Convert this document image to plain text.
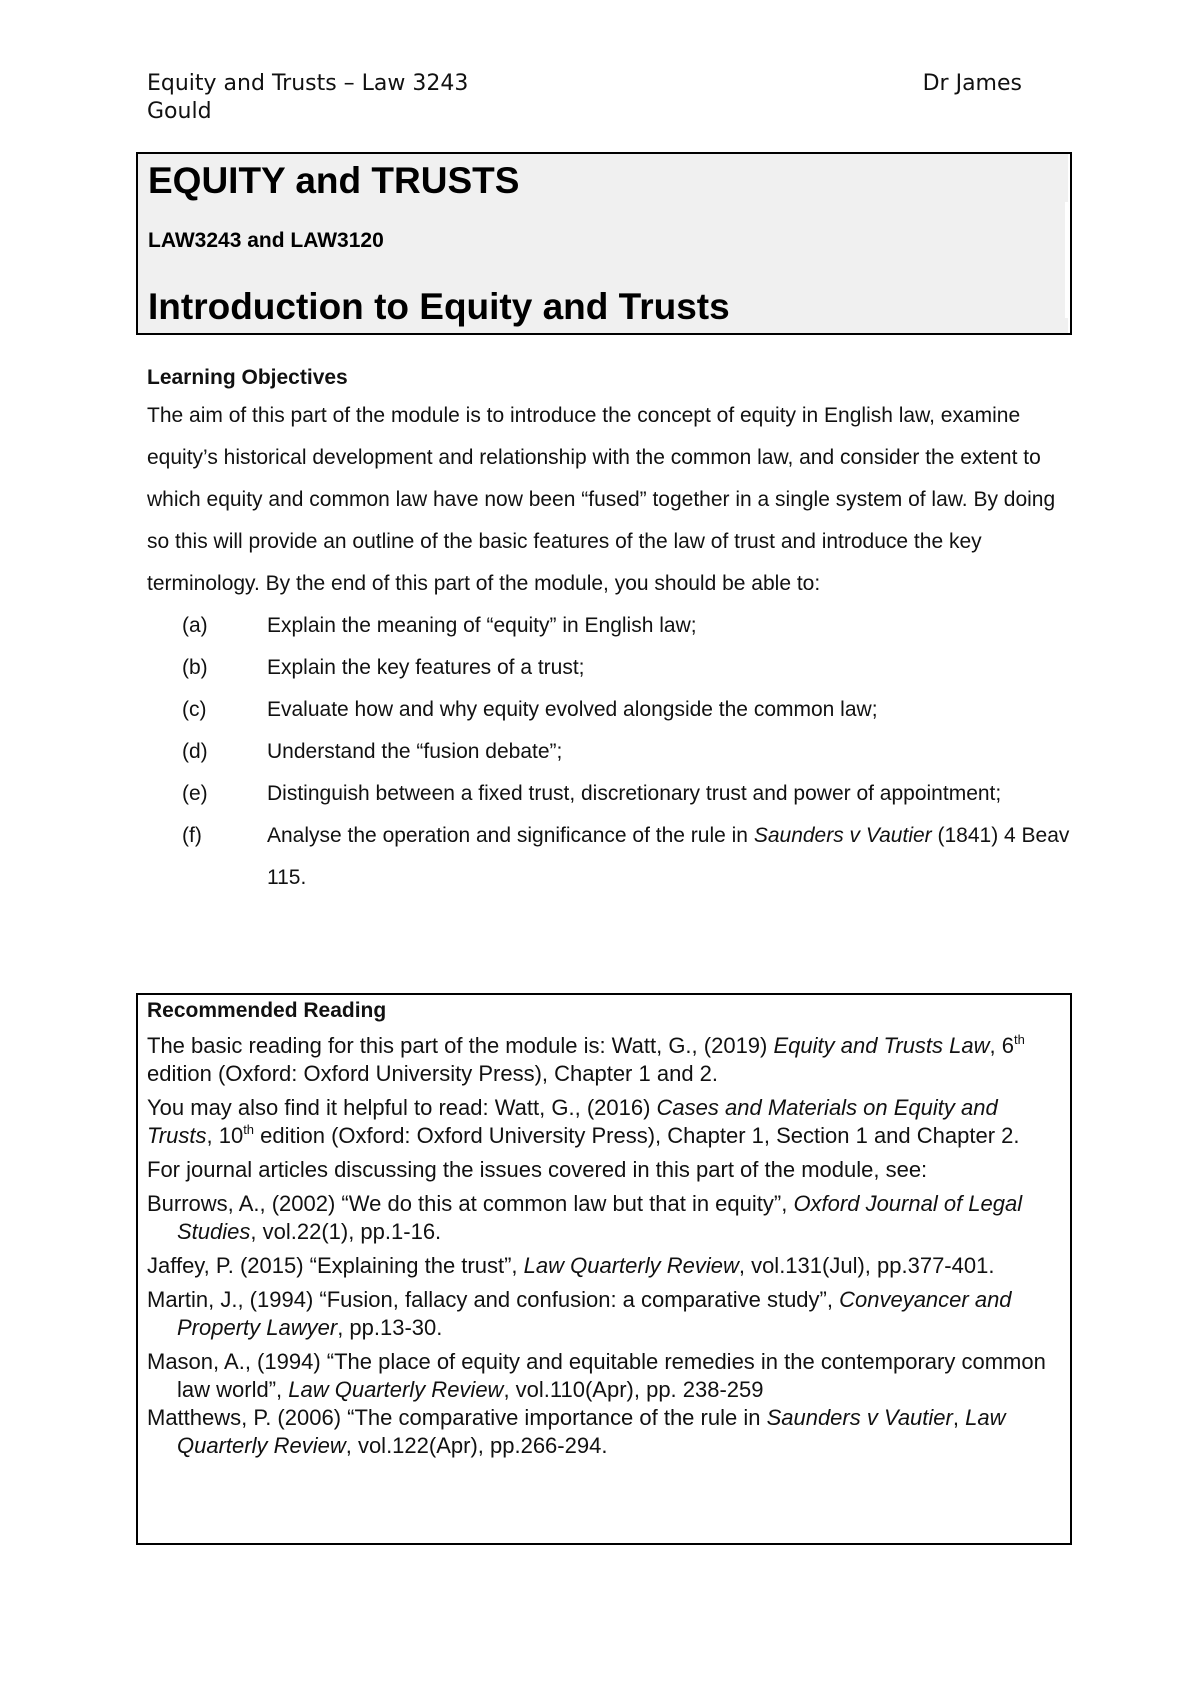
Equity and Trusts – Law 3243	Dr James
Gould
EQUITY and TRUSTS
LAW3243 and LAW3120
Introduction to Equity and Trusts
Learning Objectives

The aim of this part of the module is to introduce the concept of equity in English law, examine equity’s historical development and relationship with the common law, and consider the extent to which equity and common law have now been “fused” together in a single system of law. By doing so this will provide an outline of the basic features of the law of trust and introduce the key terminology. By the end of this part of the module, you should be able to:

(a)	Explain the meaning of “equity” in English law;
(b)	Explain the key features of a trust;
(c)	Evaluate how and why equity evolved alongside the common law;
(d)	Understand the “fusion debate”;
(e)	Distinguish between a fixed trust, discretionary trust and power of appointment;
(f)	Analyse the operation and significance of the rule in Saunders v Vautier (1841) 4 Beav 115.
Recommended Reading

The basic reading for this part of the module is: Watt, G., (2019) Equity and Trusts Law, 6th edition (Oxford: Oxford University Press), Chapter 1 and 2.

You may also find it helpful to read: Watt, G., (2016) Cases and Materials on Equity and Trusts, 10th edition (Oxford: Oxford University Press), Chapter 1, Section 1 and Chapter 2.

For journal articles discussing the issues covered in this part of the module, see:

Burrows, A., (2002) “We do this at common law but that in equity”, Oxford Journal of Legal Studies, vol.22(1), pp.1-16.

Jaffey, P. (2015) “Explaining the trust”, Law Quarterly Review, vol.131(Jul), pp.377-401.

Martin, J., (1994) “Fusion, fallacy and confusion: a comparative study”, Conveyancer and Property Lawyer, pp.13-30.

Mason, A., (1994) “The place of equity and equitable remedies in the contemporary common law world”, Law Quarterly Review, vol.110(Apr), pp. 238-259

Matthews, P. (2006) “The comparative importance of the rule in Saunders v Vautier, Law Quarterly Review, vol.122(Apr), pp.266-294.
